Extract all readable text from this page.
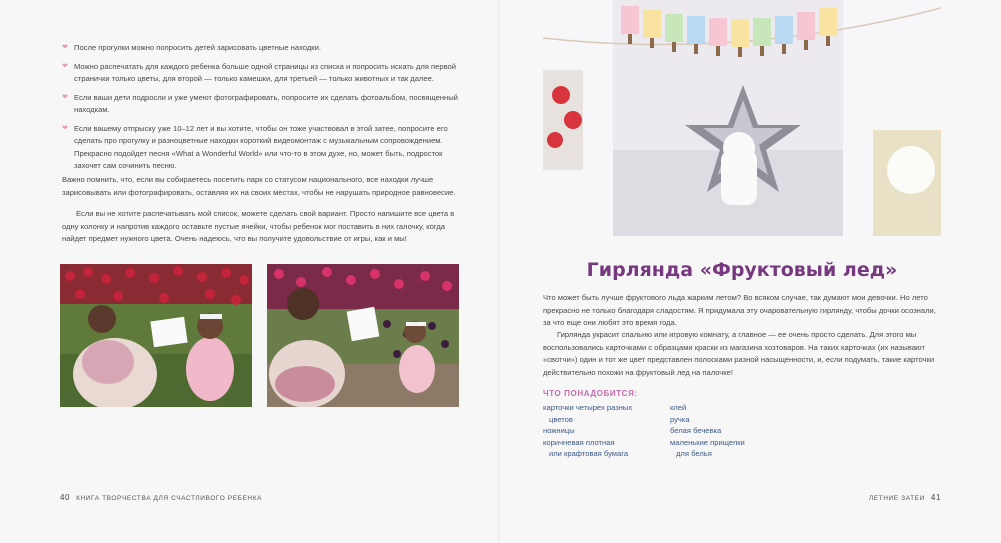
❤ После прогулки можно попросить детей зарисовать цветные находки.
❤ Можно распечатать для каждого ребенка больше одной страницы из списка и попросить искать для первой странички только цветы, для второй — только камешки, для третьей — только животных и так далее.
❤ Если ваши дети подросли и уже умеют фотографировать, попросите их сделать фотоальбом, посвященный находкам.
❤ Если вашему отпрыску уже 10–12 лет и вы хотите, чтобы он тоже участвовал в этой затее, попросите его сделать про прогулку и разноцветные находки короткий видеомонтаж с музыкальным сопровождением. Прекрасно подойдет песня «What a Wonderful World» или что-то в этом духе, но, может быть, подросток захочет сам сочинить песню.

Важно помнить, что, если вы собираетесь посетить парк со статусом национального, все находки лучше зарисовывать или фотографировать, оставляя их на своих местах, чтобы не нарушать природное равновесие.

Если вы не хотите распечатывать мой список, можете сделать свой вариант. Просто напишите все цвета в одну колонку и напротив каждого оставьте пустые ячейки, чтобы ребенок мог поставить в них галочку, когда найдет предмет нужного цвета. Очень надеюсь, что вы получите удовольствие от игры, как и мы!

40 КНИГА ТВОРЧЕСТВА ДЛЯ СЧАСТЛИВОГО РЕБЕНКА
Гирлянда «Фруктовый лед»

Что может быть лучше фруктового льда жарким летом? Во всяком случае, так думают мои девочки. Но лето прекрасно не только благодаря сладостям. Я придумала эту очаровательную гирлянду, чтобы дочки осознали, за что еще они любят это время года.

Гирлянда украсит спальню или игровую комнату, а главное — ее очень просто сделать. Для этого мы воспользовались карточками с образцами краски из магазина хозтоваров. На таких карточках (их называют «свотчи») один и тот же цвет представлен полосками разной насыщенности, и, если подумать, такие карточки действительно похожи на фруктовый лед на палочке!

ЧТО ПОНАДОБИТСЯ:

карточки четырех разных
цветов
ножницы
коричневая плотная
или крафтовая бумага
клей
ручка
белая бечевка
маленькие прищепки
для белья
ЛЕТНИЕ ЗАТЕИ 41
